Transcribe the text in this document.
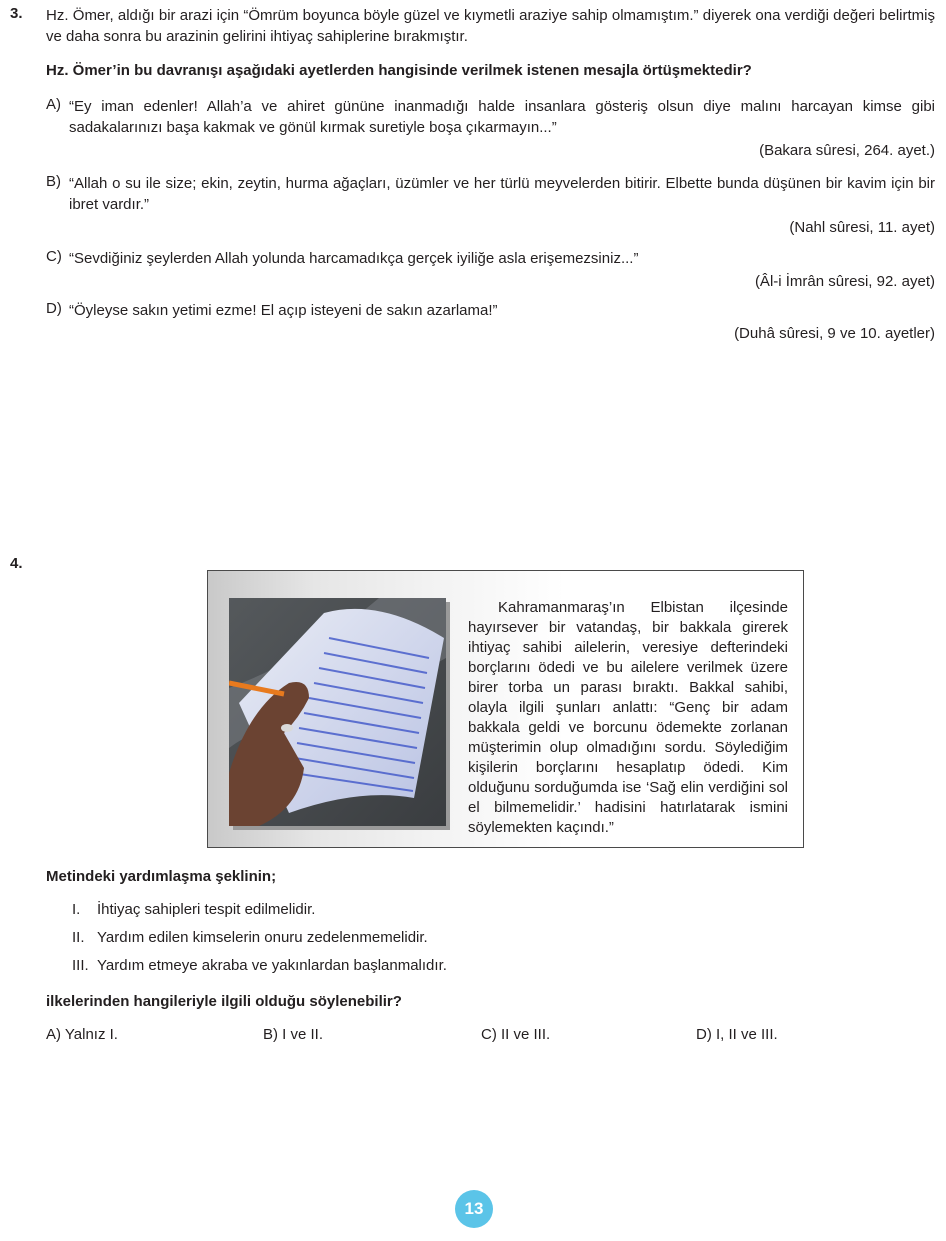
3. Hz. Ömer, aldığı bir arazi için “Ömrüm boyunca böyle güzel ve kıymetli araziye sahip olmamıştım.” diyerek ona verdiği değeri belirtmiş ve daha sonra bu arazinin gelirini ihtiyaç sahiplerine bırakmıştır.
Hz. Ömer’in bu davranışı aşağıdaki ayetlerden hangisinde verilmek istenen mesajla örtüşmektedir?
A) “Ey iman edenler! Allah’a ve ahiret gününe inanmadığı halde insanlara gösteriş olsun diye malını harcayan kimse gibi sadakalarınızı başa kakmak ve gönül kırmak suretiyle boşa çıkarmayın...”
(Bakara sûresi, 264. ayet.)
B) “Allah o su ile size; ekin, zeytin, hurma ağaçları, üzümler ve her türlü meyvelerden bitirir. Elbette bunda düşünen bir kavim için bir ibret vardır.”
(Nahl sûresi, 11. ayet)
C) “Sevdiğiniz şeylerden Allah yolunda harcamadıkça gerçek iyiliğe asla erişemezsiniz...”
(Âl-i İmrân sûresi, 92. ayet)
D) “Öyleyse sakın yetimi ezme! El açıp isteyeni de sakın azarlama!”
(Duhâ sûresi, 9 ve 10. ayetler)
4.
Kahramanmaraş’ın Elbistan ilçesinde hayırsever bir vatandaş, bir bakkala girerek ihtiyaç sahibi ailelerin, veresiye defterindeki borçlarını ödedi ve bu ailelere verilmek üzere birer torba un parası bıraktı. Bakkal sahibi, olayla ilgili şunları anlattı: “Genç bir adam bakkala geldi ve borcunu ödemekte zorlanan müşterimin olup olmadığını sordu. Söylediğim kişilerin borçlarını hesaplatıp ödedi. Kim olduğunu sorduğumda ise ‘Sağ elin verdiğini sol el bilmemelidir.’ hadisini hatırlatarak ismini söylemekten kaçındı.”
Metindeki yardımlaşma şeklinin;
I. İhtiyaç sahipleri tespit edilmelidir.
II. Yardım edilen kimselerin onuru zedelenmemelidir.
III. Yardım etmeye akraba ve yakınlardan başlanmalıdır.
ilkelerinden hangileriyle ilgili olduğu söylenebilir?
A) Yalnız I.	B) I ve II.	C) II ve III.	D) I, II ve III.
13
